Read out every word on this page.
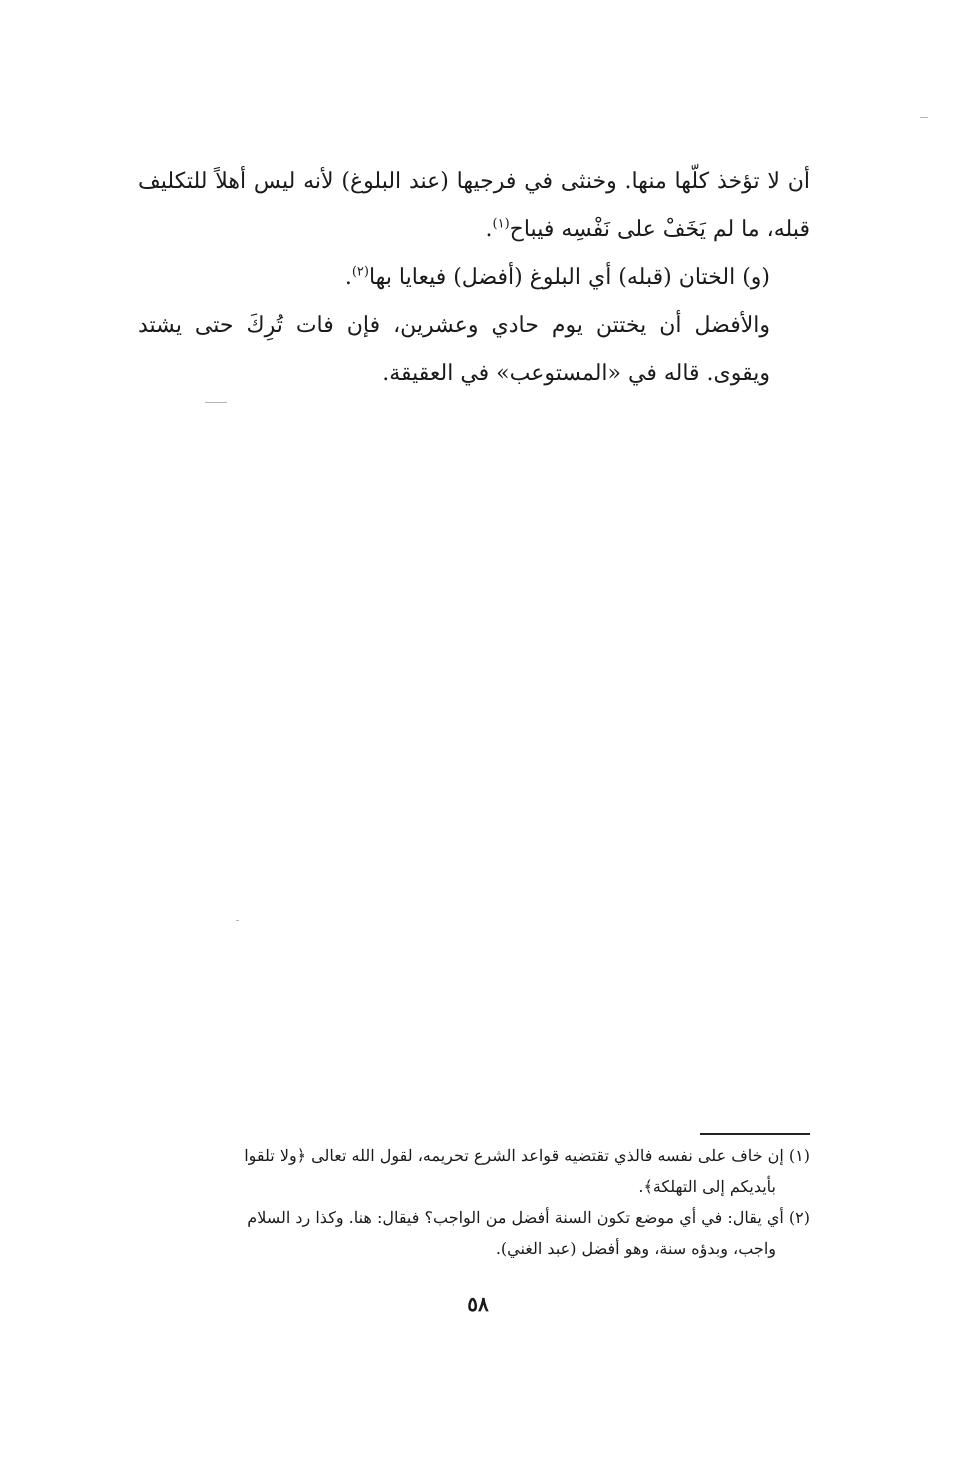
أن لا تؤخذ كلّها منها. وخنثى في فرجيها (عند البلوغ) لأنه ليس أهلاً للتكليف قبله، ما لم يَخَفْ على نَفْسِه فيباح$^{(١)}$.

(و) الختان (قبله) أي البلوغ (أفضل) فيعايا بها$^{(٢)}$.

والأفضل أن يختتن يوم حادي وعشرين، فإن فات تُرِكَ حتى يشتد ويقوى. قاله في «المستوعب» في العقيقة.

(١) إن خاف على نفسه فالذي تقتضيه قواعد الشرع تحريمه، لقول الله تعالى ﴿ولا تلقوا

بأيديكم إلى التهلكة﴾.

(٢) أي يقال: في أي موضع تكون السنة أفضل من الواجب؟ فيقال: هنا. وكذا رد السلام

واجب، وبدؤه سنة، وهو أفضل (عبد الغني).

٥٨
